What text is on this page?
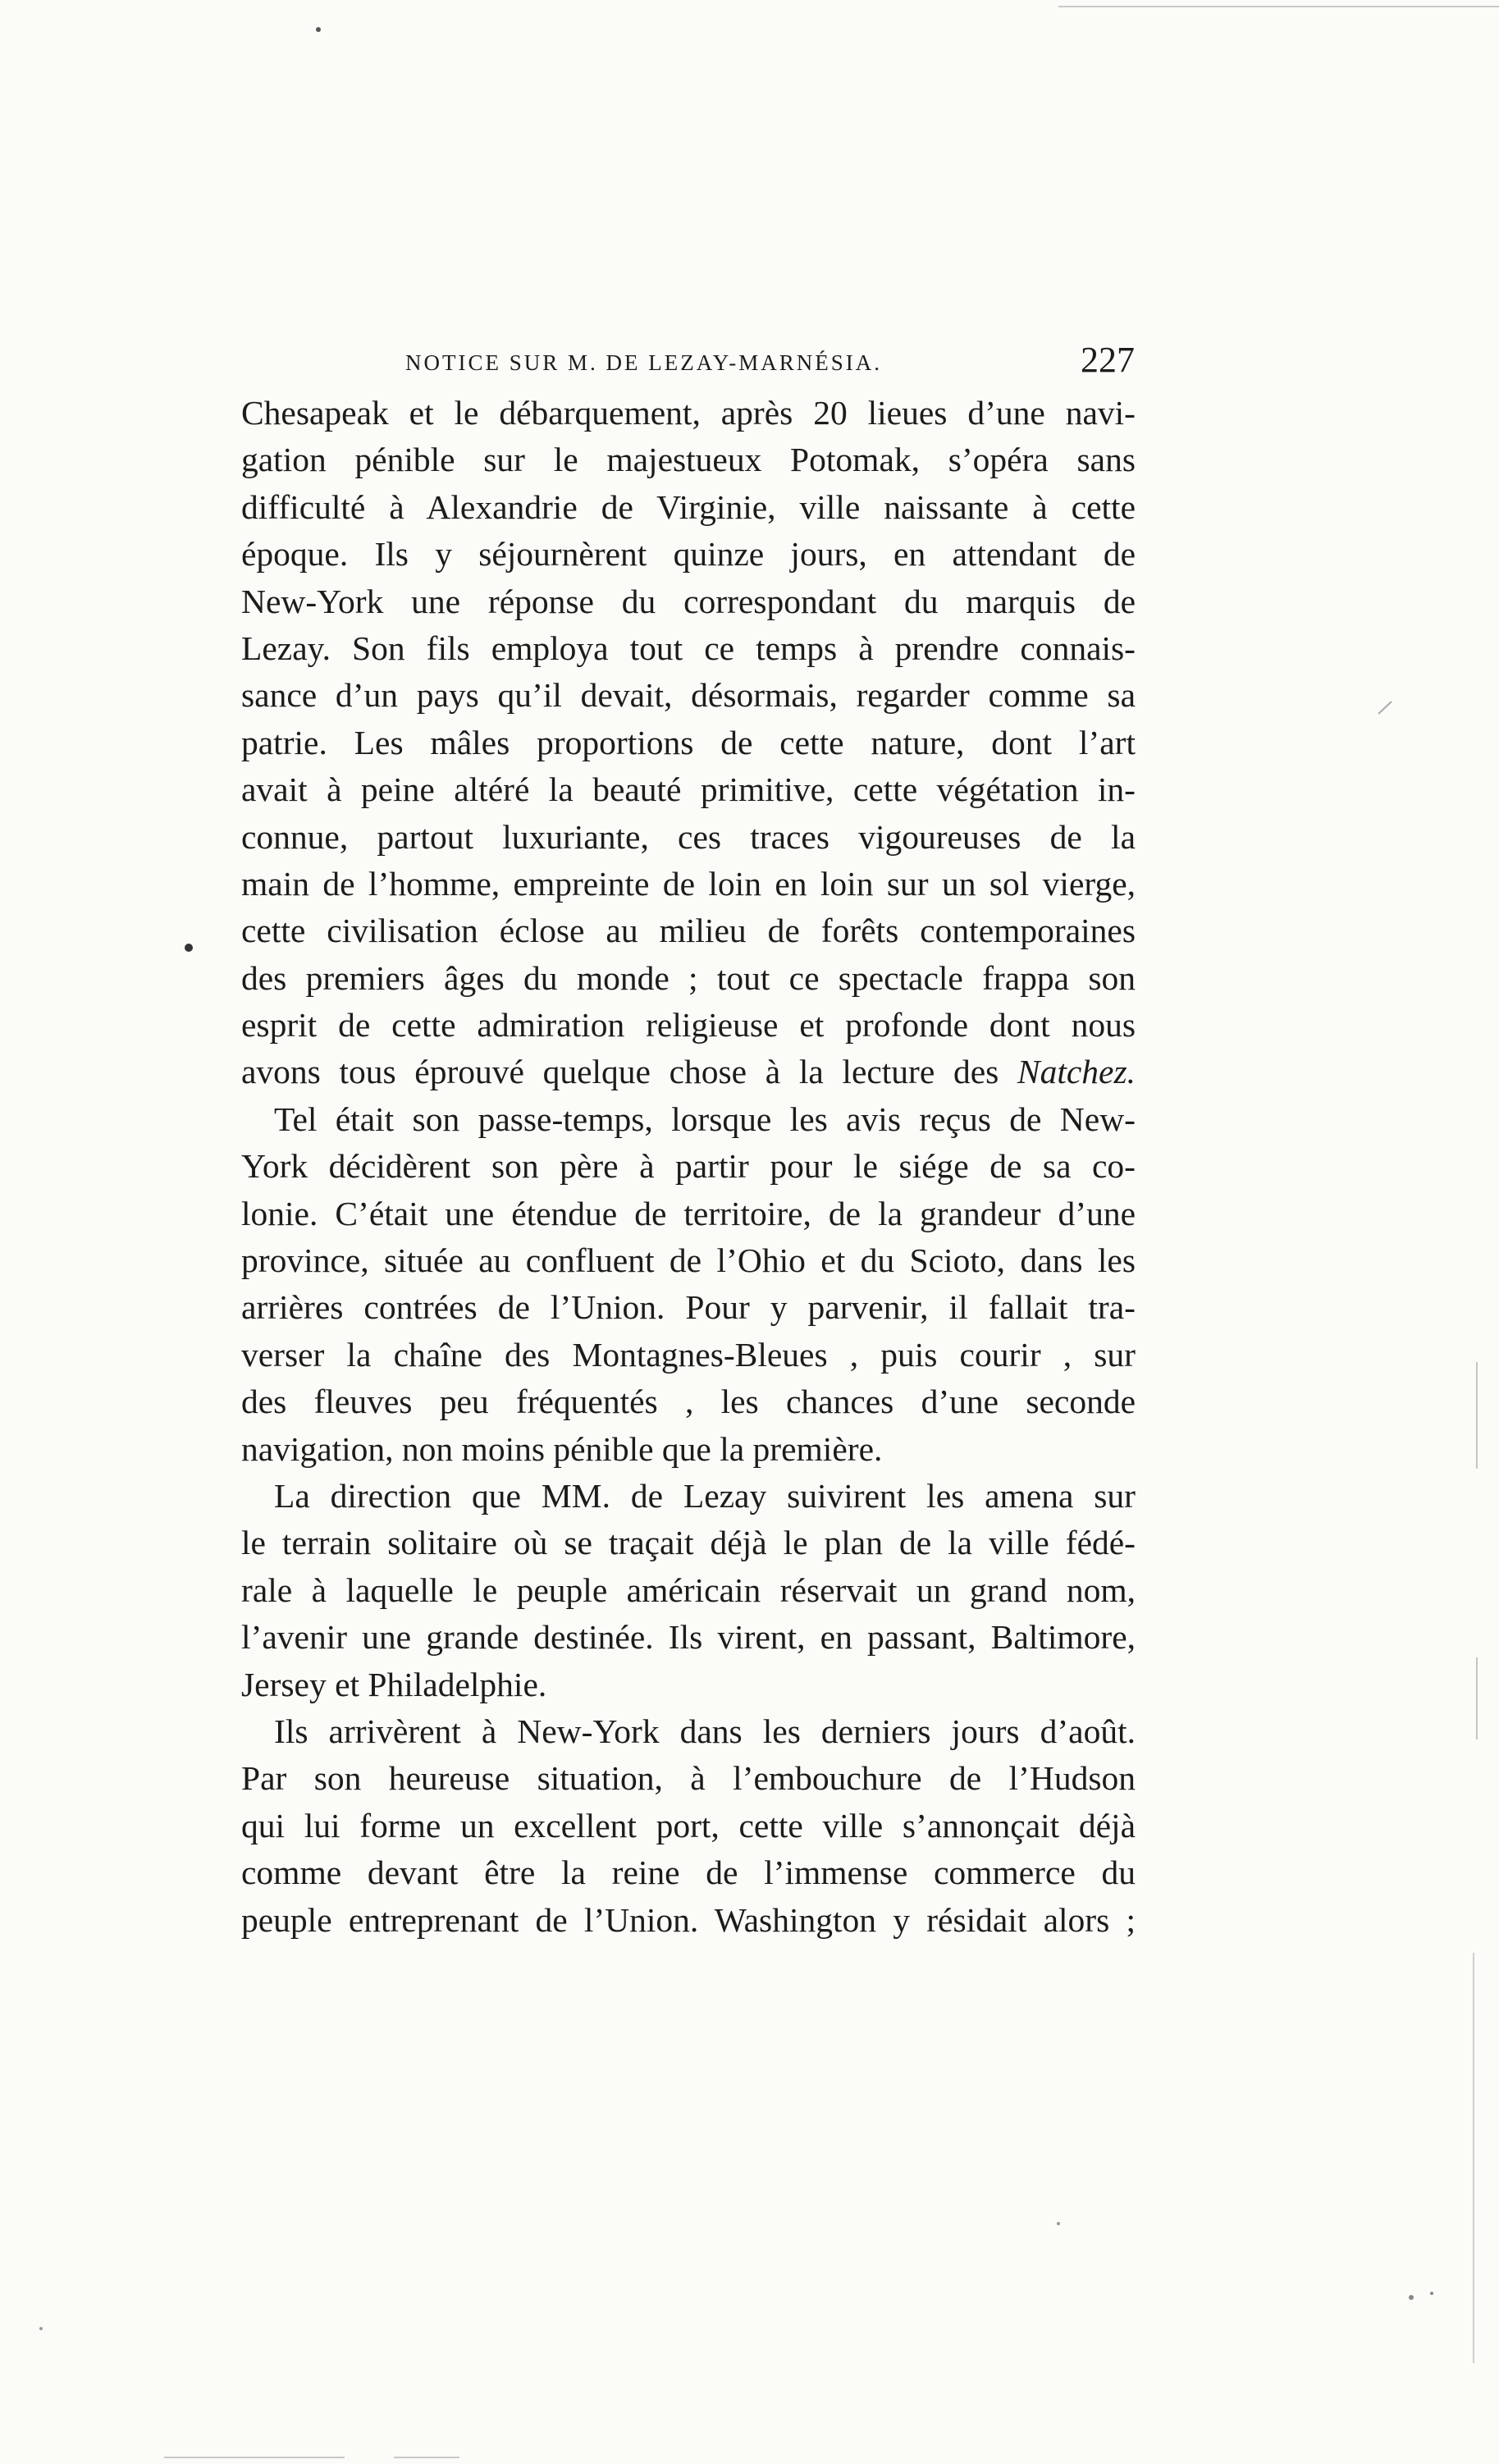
NOTICE SUR M. DE LEZAY-MARNÉSIA.	227
Chesapeak et le débarquement, après 20 lieues d’une navi-
gation pénible sur le majestueux Potomak, s’opéra sans
difficulté à Alexandrie de Virginie, ville naissante à cette
époque. Ils y séjournèrent quinze jours, en attendant de
New-York une réponse du correspondant du marquis de
Lezay. Son fils employa tout ce temps à prendre connais-
sance d’un pays qu’il devait, désormais, regarder comme sa
patrie. Les mâles proportions de cette nature, dont l’art
avait à peine altéré la beauté primitive, cette végétation in-
connue, partout luxuriante, ces traces vigoureuses de la
main de l’homme, empreinte de loin en loin sur un sol vierge,
cette civilisation éclose au milieu de forêts contemporaines
des premiers âges du monde ; tout ce spectacle frappa son
esprit de cette admiration religieuse et profonde dont nous
avons tous éprouvé quelque chose à la lecture des Natchez.
Tel était son passe-temps, lorsque les avis reçus de New-
York décidèrent son père à partir pour le siége de sa co-
lonie. C’était une étendue de territoire, de la grandeur d’une
province, située au confluent de l’Ohio et du Scioto, dans les
arrières contrées de l’Union. Pour y parvenir, il fallait tra-
verser la chaîne des Montagnes-Bleues , puis courir , sur
des fleuves peu fréquentés , les chances d’une seconde
navigation, non moins pénible que la première.
La direction que MM. de Lezay suivirent les amena sur
le terrain solitaire où se traçait déjà le plan de la ville fédé-
rale à laquelle le peuple américain réservait un grand nom,
l’avenir une grande destinée. Ils virent, en passant, Baltimore,
Jersey et Philadelphie.
Ils arrivèrent à New-York dans les derniers jours d’août.
Par son heureuse situation, à l’embouchure de l’Hudson
qui lui forme un excellent port, cette ville s’annonçait déjà
comme devant être la reine de l’immense commerce du
peuple entreprenant de l’Union. Washington y résidait alors ;
